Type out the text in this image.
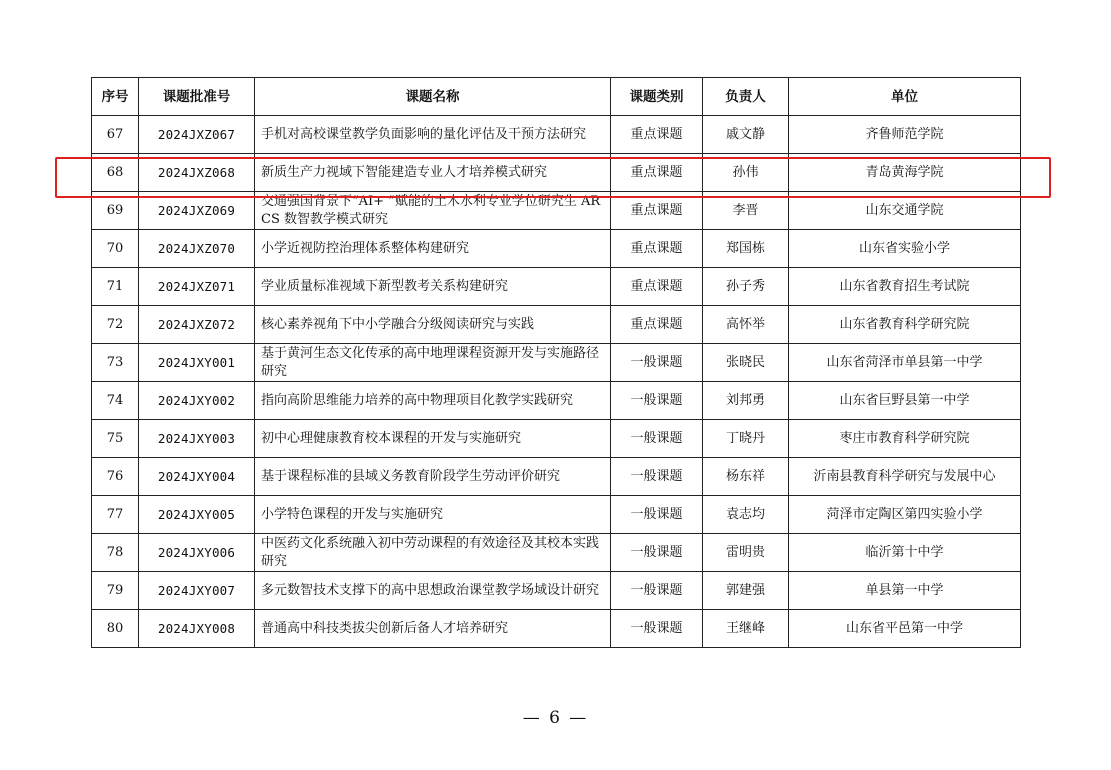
序号	课题批准号	课题名称	课题类别	负责人	单位
67	2024JXZ067	手机对高校课堂教学负面影响的量化评估及干预方法研究	重点课题	戚文静	齐鲁师范学院
68	2024JXZ068	新质生产力视域下智能建造专业人才培养模式研究	重点课题	孙伟	青岛黄海学院
69	2024JXZ069	交通强国背景下“AI+ ”赋能的土木水利专业学位研究生 ARCS 数智教学模式研究	重点课题	李晋	山东交通学院
70	2024JXZ070	小学近视防控治理体系整体构建研究	重点课题	郑国栋	山东省实验小学
71	2024JXZ071	学业质量标准视域下新型教考关系构建研究	重点课题	孙子秀	山东省教育招生考试院
72	2024JXZ072	核心素养视角下中小学融合分级阅读研究与实践	重点课题	高怀举	山东省教育科学研究院
73	2024JXY001	基于黄河生态文化传承的高中地理课程资源开发与实施路径研究	一般课题	张晓民	山东省菏泽市单县第一中学
74	2024JXY002	指向高阶思维能力培养的高中物理项目化教学实践研究	一般课题	刘邦勇	山东省巨野县第一中学
75	2024JXY003	初中心理健康教育校本课程的开发与实施研究	一般课题	丁晓丹	枣庄市教育科学研究院
76	2024JXY004	基于课程标准的县域义务教育阶段学生劳动评价研究	一般课题	杨东祥	沂南县教育科学研究与发展中心
77	2024JXY005	小学特色课程的开发与实施研究	一般课题	袁志均	菏泽市定陶区第四实验小学
78	2024JXY006	中医药文化系统融入初中劳动课程的有效途径及其校本实践研究	一般课题	雷明贵	临沂第十中学
79	2024JXY007	多元数智技术支撑下的高中思想政治课堂教学场域设计研究	一般课题	郭建强	单县第一中学
80	2024JXY008	普通高中科技类拔尖创新后备人才培养研究	一般课题	王继峰	山东省平邑第一中学
— 6 —
